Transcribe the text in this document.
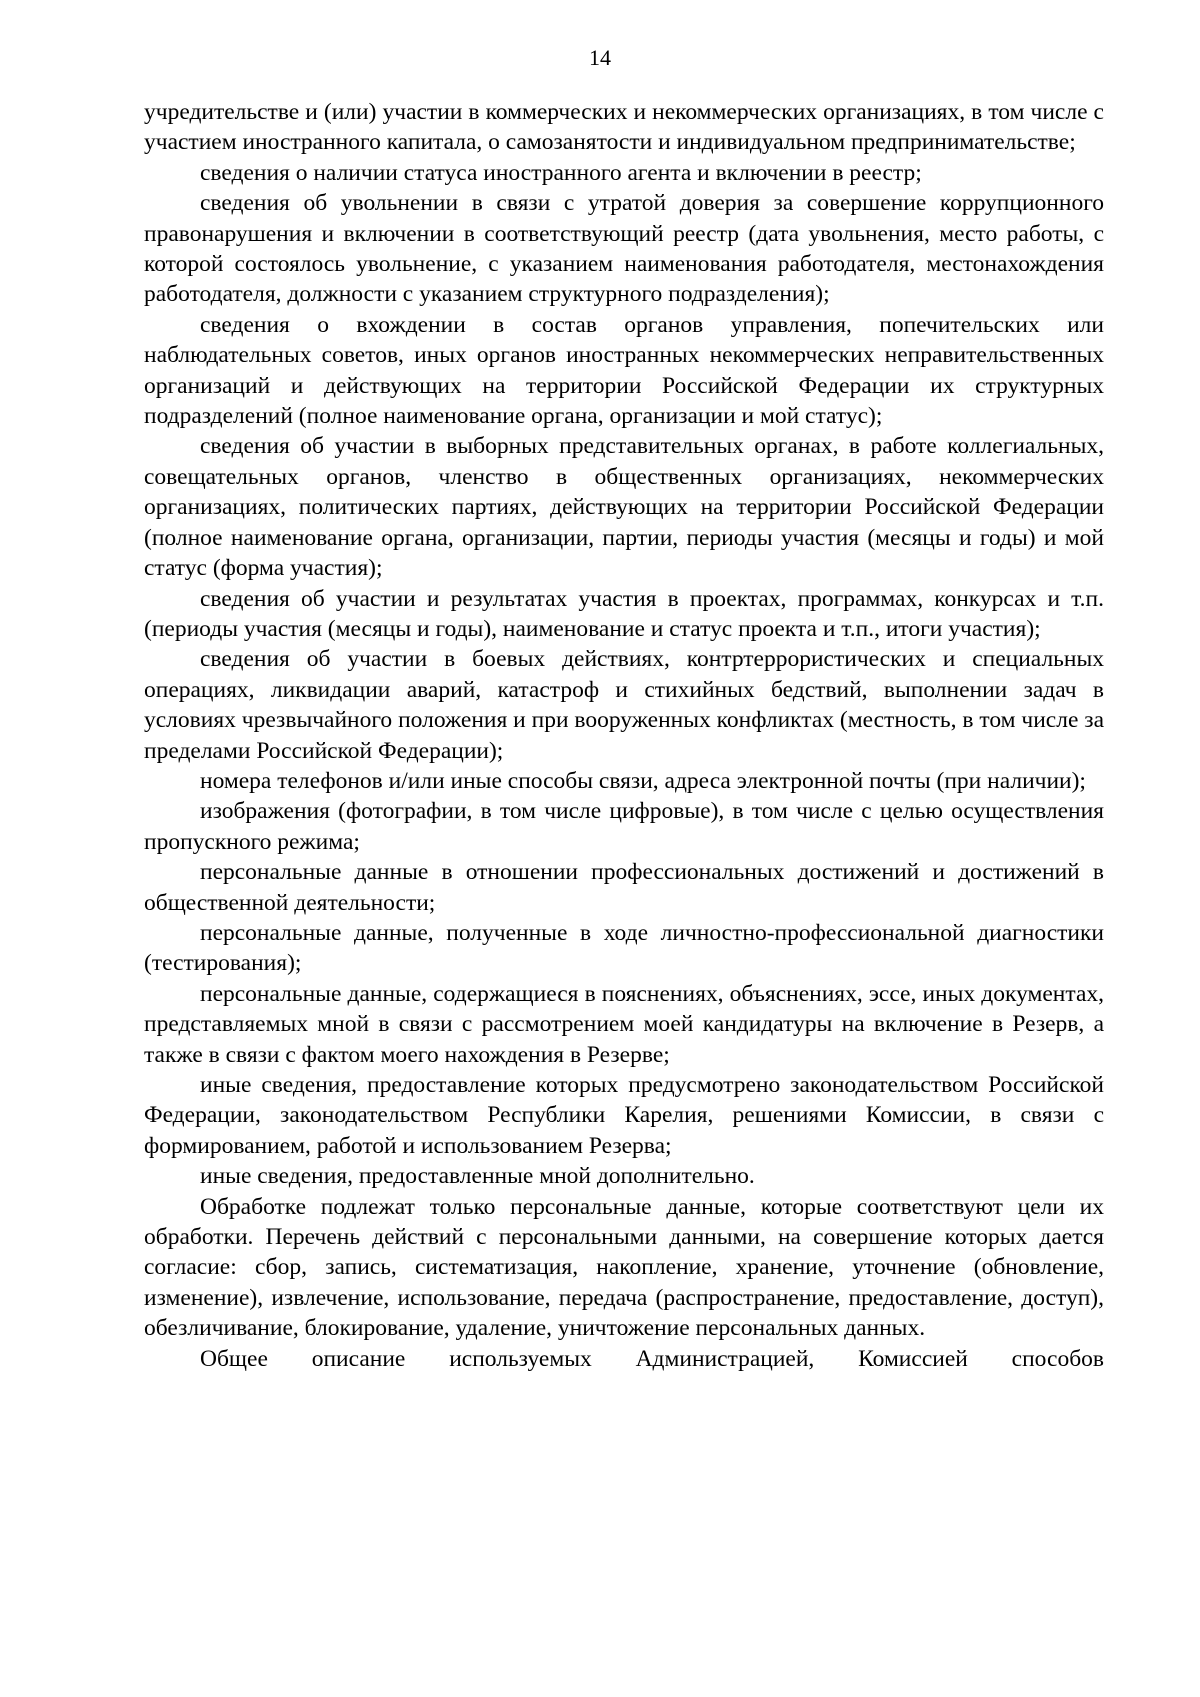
14

учредительстве и (или) участии в коммерческих и некоммерческих организациях, в том числе с участием иностранного капитала, о самозанятости и индивидуальном предпринимательстве;

сведения о наличии статуса иностранного агента и включении в реестр;

сведения об увольнении в связи с утратой доверия за совершение коррупционного правонарушения и включении в соответствующий реестр (дата увольнения, место работы, с которой состоялось увольнение, с указанием наименования работодателя, местонахождения работодателя, должности с указанием структурного подразделения);

сведения о вхождении в состав органов управления, попечительских или наблюдательных советов, иных органов иностранных некоммерческих неправительственных организаций и действующих на территории Российской Федерации их структурных подразделений (полное наименование органа, организации и мой статус);

сведения об участии в выборных представительных органах, в работе коллегиальных, совещательных органов, членство в общественных организациях, некоммерческих организациях, политических партиях, действующих на территории Российской Федерации (полное наименование органа, организации, партии, периоды участия (месяцы и годы) и мой статус (форма участия);

сведения об участии и результатах участия в проектах, программах, конкурсах и т.п. (периоды участия (месяцы и годы), наименование и статус проекта и т.п., итоги участия);

сведения об участии в боевых действиях, контртеррористических и специальных операциях, ликвидации аварий, катастроф и стихийных бедствий, выполнении задач в условиях чрезвычайного положения и при вооруженных конфликтах (местность, в том числе за пределами Российской Федерации);

номера телефонов и/или иные способы связи, адреса электронной почты (при наличии);

изображения (фотографии, в том числе цифровые), в том числе с целью осуществления пропускного режима;

персональные данные в отношении профессиональных достижений и достижений в общественной деятельности;

персональные данные, полученные в ходе личностно-профессиональной диагностики (тестирования);

персональные данные, содержащиеся в пояснениях, объяснениях, эссе, иных документах, представляемых мной в связи с рассмотрением моей кандидатуры на включение в Резерв, а также в связи с фактом моего нахождения в Резерве;

иные сведения, предоставление которых предусмотрено законодательством Российской Федерации, законодательством Республики Карелия, решениями Комиссии, в связи с формированием, работой и использованием Резерва;

иные сведения, предоставленные мной дополнительно.

Обработке подлежат только персональные данные, которые соответствуют цели их обработки. Перечень действий с персональными данными, на совершение которых дается согласие: сбор, запись, систематизация, накопление, хранение, уточнение (обновление, изменение), извлечение, использование, передача (распространение, предоставление, доступ), обезличивание, блокирование, удаление, уничтожение персональных данных.

Общее описание используемых Администрацией, Комиссией способов
